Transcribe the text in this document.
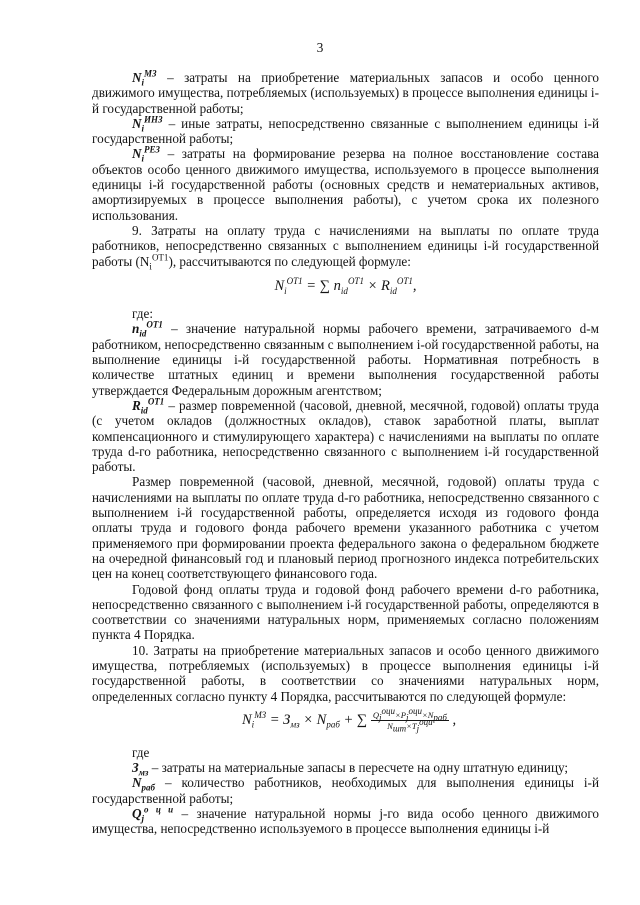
3

$N_i^{МЗ}$ – затраты на приобретение материальных запасов и особо ценного движимого имущества, потребляемых (используемых) в процессе выполнения единицы i-й государственной работы;

$N_i^{ИНЗ}$ – иные затраты, непосредственно связанные с выполнением единицы i-й государственной работы;

$N_i^{РЕЗ}$ – затраты на формирование резерва на полное восстановление состава объектов особо ценного движимого имущества, используемого в процессе выполнения единицы i-й государственной работы (основных средств и нематериальных активов, амортизируемых в процессе выполнения работы), с учетом срока их полезного использования.

9. Затраты на оплату труда с начислениями на выплаты по оплате труда работников, непосредственно связанных с выполнением единицы i-й государственной работы $(N_i^{OT1})$, рассчитываются по следующей формуле:

$N_i^{OT1}$ = ∑ $n_{id}^{OT1} \times R_{id}^{OT1}$,

где:

$n_{id}^{OT1}$ – значение натуральной нормы рабочего времени, затрачиваемого d-м работником, непосредственно связанным с выполнением i-ой государственной работы, на выполнение единицы i-й государственной работы. Нормативная потребность в количестве штатных единиц и времени выполнения государственной работы утверждается Федеральным дорожным агентством;

$R_{id}^{OT1}$ – размер повременной (часовой, дневной, месячной, годовой) оплаты труда (с учетом окладов (должностных окладов), ставок заработной платы, выплат компенсационного и стимулирующего характера) с начислениями на выплаты по оплате труда d-го работника, непосредственно связанного с выполнением i-й государственной работы.

Размер повременной (часовой, дневной, месячной, годовой) оплаты труда с начислениями на выплаты по оплате труда d-го работника, непосредственно связанного с выполнением i-й государственной работы, определяется исходя из годового фонда оплаты труда и годового фонда рабочего времени указанного работника с учетом применяемого при формировании проекта федерального закона о федеральном бюджете на очередной финансовый год и плановый период прогнозного индекса потребительских цен на конец соответствующего финансового года.

Годовой фонд оплаты труда и годовой фонд рабочего времени d-го работника, непосредственно связанного с выполнением i-й государственной работы, определяются в соответствии со значениями натуральных норм, применяемых согласно положениям пункта 4 Порядка.

10. Затраты на приобретение материальных запасов и особо ценного движимого имущества, потребляемых (используемых) в процессе выполнения единицы i-й государственной работы, в соответствии со значениями натуральных норм, определенных согласно пункту 4 Порядка, рассчитываются по следующей формуле:

$N_i^{МЗ} = З_{мз} \times N_{раб}$ + ∑ $\frac{Q_j^{оци}\times P_j^{оци}\times N_{раб}}{N_{шт}\times T_j^{оци}}$ ,

где

$З_{мз}$ – затраты на материальные запасы в пересчете на одну штатную единицу;

$N_{раб}$ – количество работников, необходимых для выполнения единицы i-й государственной работы;

$Q_j^{о ц и}$ – значение натуральной нормы j-го вида особо ценного движимого имущества, непосредственно используемого в процессе выполнения единицы i-й
